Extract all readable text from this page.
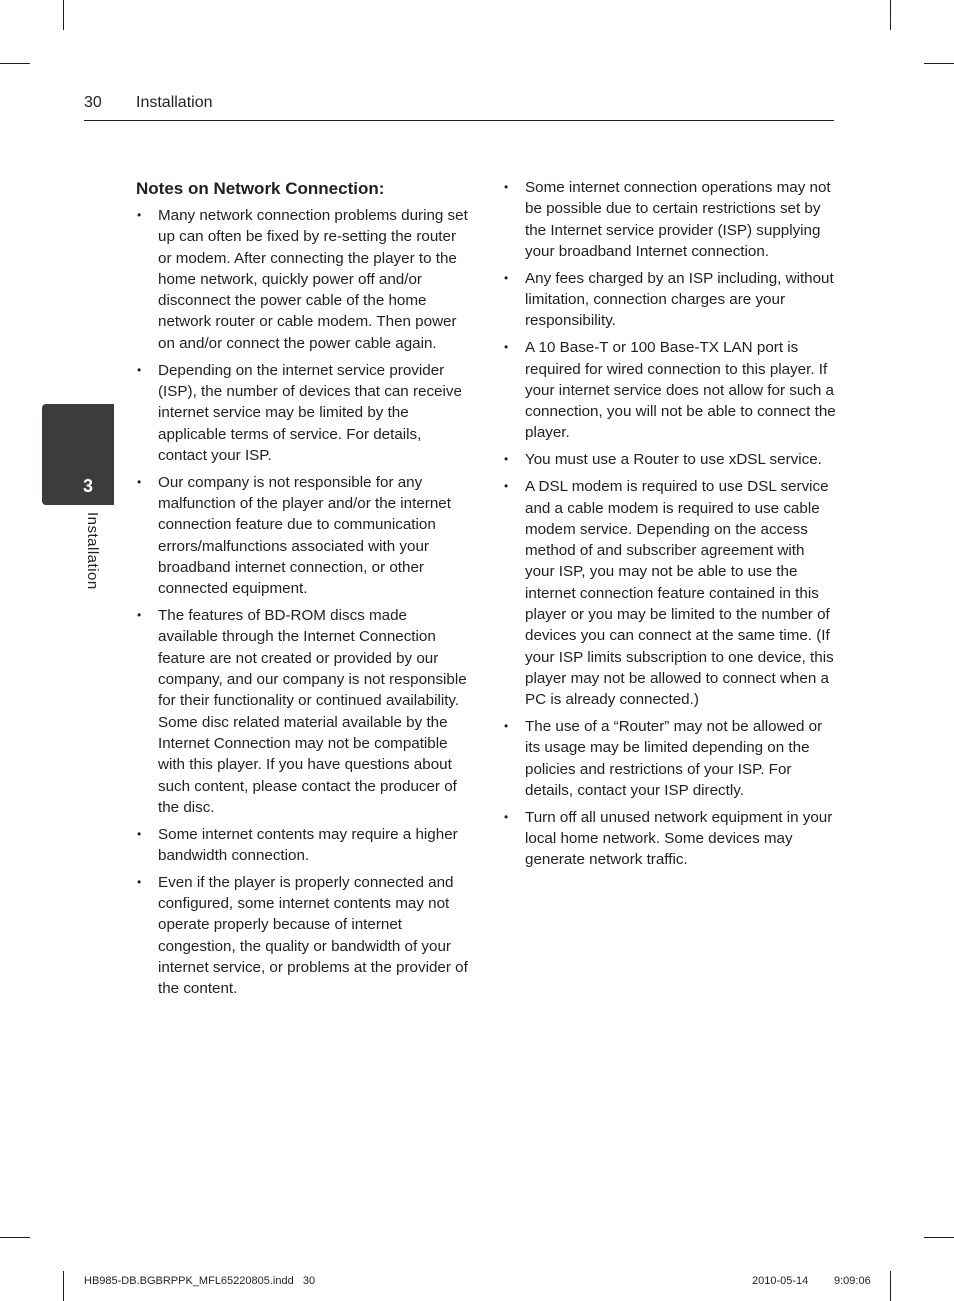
30 Installation
3
Installation
Notes on Network Connection:
• Many network connection problems during set up can often be fixed by re-setting the router or modem. After connecting the player to the home network, quickly power off and/or disconnect the power cable of the home network router or cable modem. Then power on and/or connect the power cable again.
• Depending on the internet service provider (ISP), the number of devices that can receive internet service may be limited by the applicable terms of service. For details, contact your ISP.
• Our company is not responsible for any malfunction of the player and/or the internet connection feature due to communication errors/malfunctions associated with your broadband internet connection, or other connected equipment.
• The features of BD-ROM discs made available through the Internet Connection feature are not created or provided by our company, and our company is not responsible for their functionality or continued availability. Some disc related material available by the Internet Connection may not be compatible with this player. If you have questions about such content, please contact the producer of the disc.
• Some internet contents may require a higher bandwidth connection.
• Even if the player is properly connected and configured, some internet contents may not operate properly because of internet congestion, the quality or bandwidth of your internet service, or problems at the provider of the content.
• Some internet connection operations may not be possible due to certain restrictions set by the Internet service provider (ISP) supplying your broadband Internet connection.
• Any fees charged by an ISP including, without limitation, connection charges are your responsibility.
• A 10 Base-T or 100 Base-TX LAN port is required for wired connection to this player. If your internet service does not allow for such a connection, you will not be able to connect the player.
• You must use a Router to use xDSL service.
• A DSL modem is required to use DSL service and a cable modem is required to use cable modem service. Depending on the access method of and subscriber agreement with your ISP, you may not be able to use the internet connection feature contained in this player or you may be limited to the number of devices you can connect at the same time. (If your ISP limits subscription to one device, this player may not be allowed to connect when a PC is already connected.)
• The use of a “Router” may not be allowed or its usage may be limited depending on the policies and restrictions of your ISP. For details, contact your ISP directly.
• Turn off all unused network equipment in your local home network. Some devices may generate network traffic.
HB985-DB.BGBRPPK_MFL65220805.indd   30	2010-05-14 9:09:06
